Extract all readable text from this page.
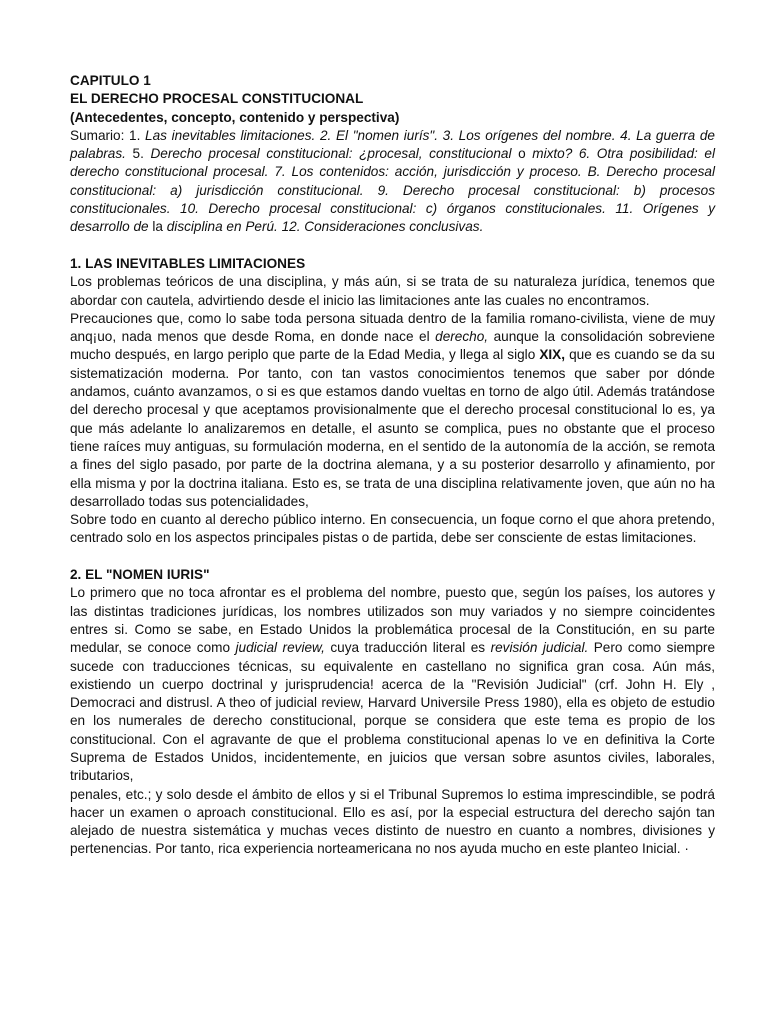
CAPITULO 1
EL DERECHO PROCESAL CONSTITUCIONAL
(Antecedentes, concepto, contenido y perspectiva)

Sumario: 1. Las inevitables limitaciones. 2. El "nomen iurís". 3. Los orígenes del nombre. 4. La guerra de palabras. 5. Derecho procesal constitucional: ¿procesal, constitucional o mixto? 6. Otra posibilidad: el derecho constitucional procesal. 7. Los contenidos: acción, jurisdicción y proceso. B. Derecho procesal constitucional: a) jurisdicción constitucional. 9. Derecho procesal constitucional: b) procesos constitucionales. 10. Derecho procesal constitucional: c) órganos constitucionales. 11. Orígenes y desarrollo de la disciplina en Perú. 12. Consideraciones conclusivas.

1. LAS INEVITABLES LIMITACIONES

Los problemas teóricos de una disciplina, y más aún, si se trata de su naturaleza jurídica, tenemos que abordar con cautela, advirtiendo desde el inicio las limitaciones ante las cuales no encontramos.

Precauciones que, como lo sabe toda persona situada dentro de la familia romano-civilista, viene de muy anq¡uo, nada menos que desde Roma, en donde nace el derecho, aunque la consolidación sobreviene mucho después, en largo periplo que parte de la Edad Media, y llega al siglo XIX, que es cuando se da su sistematización moderna. Por tanto, con tan vastos conocimientos tenemos que saber por dónde andamos, cuánto avanzamos, o si es que estamos dando vueltas en torno de algo útil. Además tratándose del derecho procesal y que aceptamos provisionalmente que el derecho procesal constitucional lo es, ya que más adelante lo analizaremos en detalle, el asunto se complica, pues no obstante que el proceso tiene raíces muy antiguas, su formulación moderna, en el sentido de la autonomía de la acción, se remota a fines del siglo pasado, por parte de la doctrina alemana, y a su posterior desarrollo y afinamiento, por ella misma y por la doctrina italiana. Esto es, se trata de una disciplina relativamente joven, que aún no ha desarrollado todas sus potencialidades,

Sobre todo en cuanto al derecho público interno. En consecuencia, un foque corno el que ahora pretendo, centrado solo en los aspectos principales pistas o de partida, debe ser consciente de estas limitaciones.

2. EL "NOMEN IURIS"

Lo primero que no toca afrontar es el problema del nombre, puesto que, según los países, los autores y las distintas tradiciones jurídicas, los nombres utilizados son muy variados y no siempre coincidentes entres si. Como se sabe, en Estado Unidos la problemática procesal de la Constitución, en su parte medular, se conoce como judicial review, cuya traducción literal es revisión judicial. Pero como siempre sucede con traducciones técnicas, su equivalente en castellano no significa gran cosa. Aún más, existiendo un cuerpo doctrinal y jurisprudencia! acerca de la "Revisión Judicial" (crf. John H. Ely , Democraci and distrusl. A theo of judicial review, Harvard Universile Press 1980), ella es objeto de estudio en los numerales de derecho constitucional, porque se considera que este tema es propio de los constitucional. Con el agravante de que el problema constitucional apenas lo ve en definitiva la Corte Suprema de Estados Unidos, incidentemente, en juicios que versan sobre asuntos civiles, laborales, tributarios,

penales, etc.; y solo desde el ámbito de ellos y si el Tribunal Supremos lo estima imprescindible, se podrá hacer un examen o aproach constitucional. Ello es así, por la especial estructura del derecho sajón tan alejado de nuestra sistemática y muchas veces distinto de nuestro en cuanto a nombres, divisiones y pertenencias. Por tanto, rica experiencia norteamericana no nos ayuda mucho en este planteo Inicial. ·
